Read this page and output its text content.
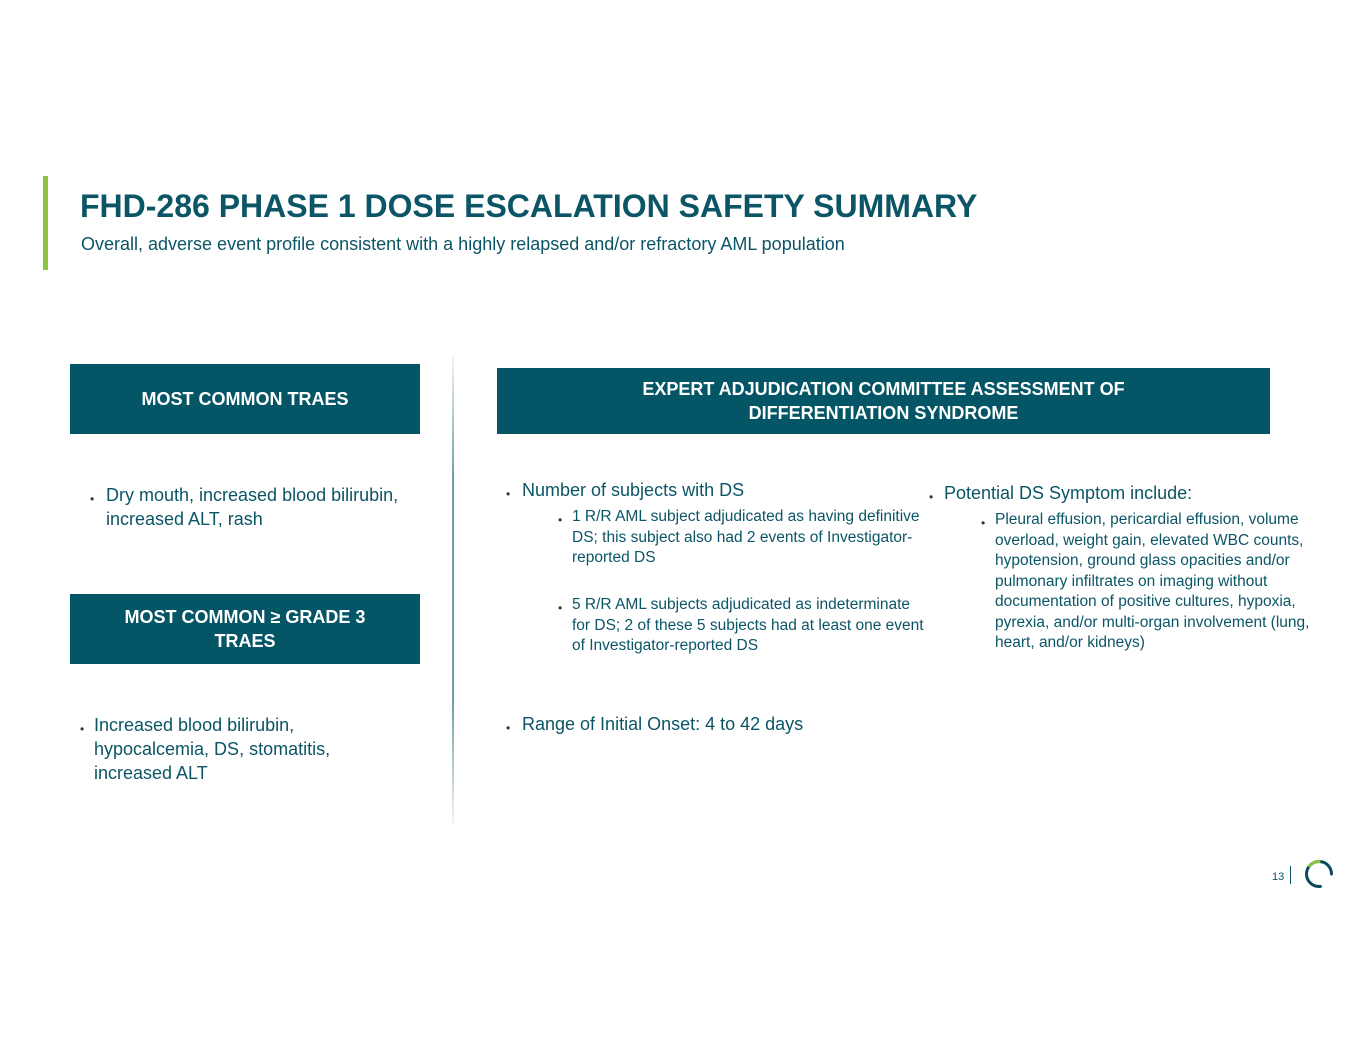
FHD-286 PHASE 1 DOSE ESCALATION SAFETY SUMMARY

Overall, adverse event profile consistent with a highly relapsed and/or refractory AML population

MOST COMMON TRAES
• Dry mouth, increased blood bilirubin, increased ALT, rash
MOST COMMON ≥ GRADE 3
TRAES
• Increased blood bilirubin, hypocalcemia, DS, stomatitis, increased ALT
EXPERT ADJUDICATION COMMITTEE ASSESSMENT OF
DIFFERENTIATION SYNDROME
• Number of subjects with DS
• 1 R/R AML subject adjudicated as having definitive DS; this subject also had 2 events of Investigator-reported DS
• 5 R/R AML subjects adjudicated as indeterminate for DS; 2 of these 5 subjects had at least one event of Investigator-reported DS
• Range of Initial Onset: 4 to 42 days
• Potential DS Symptom include:
• Pleural effusion, pericardial effusion, volume overload, weight gain, elevated WBC counts, hypotension, ground glass opacities and/or pulmonary infiltrates on imaging without documentation of positive cultures, hypoxia, pyrexia, and/or multi-organ involvement (lung, heart, and/or kidneys)
13
